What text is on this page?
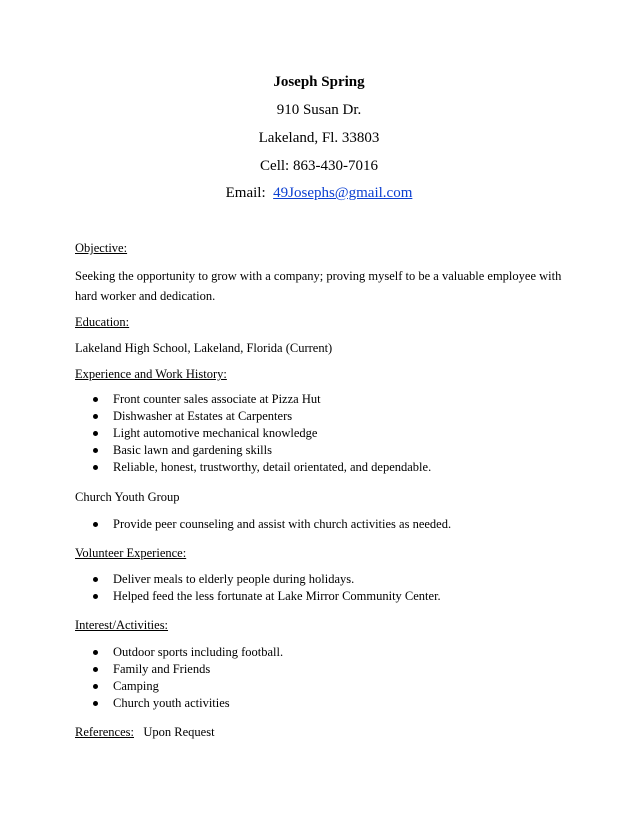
Joseph Spring
910 Susan Dr.
Lakeland, Fl. 33803
Cell: 863-430-7016
Email:  49Josephs@gmail.com
Objective:
Seeking the opportunity to grow with a company; proving myself to be a valuable employee with hard worker and dedication.
Education:
Lakeland High School, Lakeland, Florida (Current)
Experience and Work History:
Front counter sales associate at Pizza Hut
Dishwasher at Estates at Carpenters
Light automotive mechanical knowledge
Basic lawn and gardening skills
Reliable, honest, trustworthy, detail orientated, and dependable.
Church Youth Group
Provide peer counseling and assist with church activities as needed.
Volunteer Experience:
Deliver meals to elderly people during holidays.
Helped feed the less fortunate at Lake Mirror Community Center.
Interest/Activities:
Outdoor sports including football.
Family and Friends
Camping
Church youth activities
References:   Upon Request
